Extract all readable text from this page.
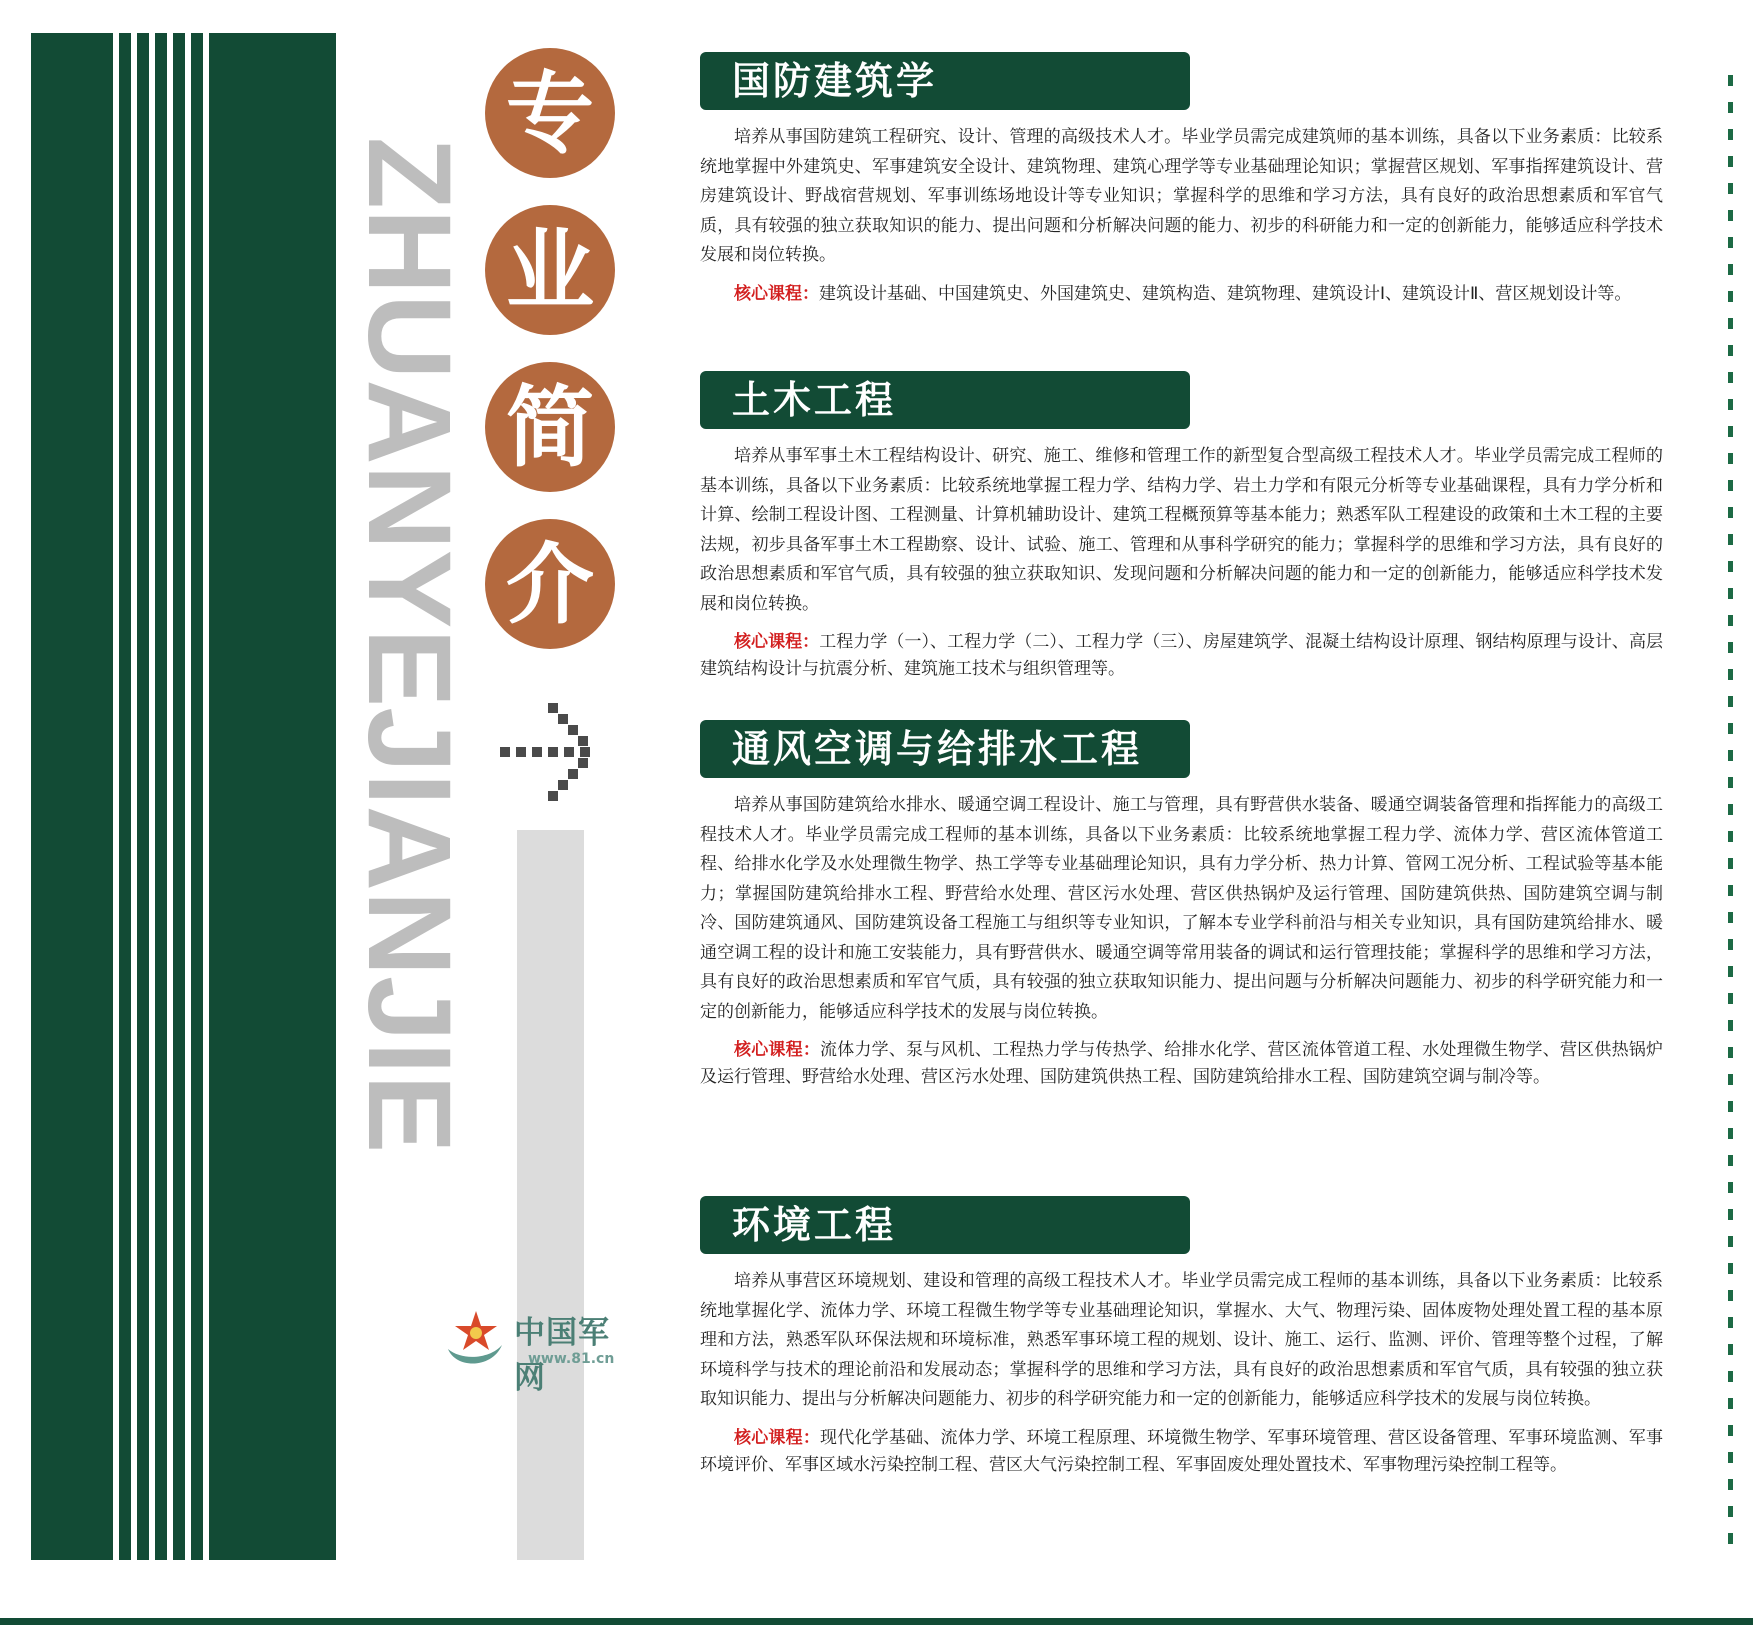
ZHUANYEJIANJIE
专
业
简
介
中国军网
www.81.cn
国防建筑学
培养从事国防建筑工程研究、设计、管理的高级技术人才。毕业学员需完成建筑师的基本训练，具备以下业务素质：比较系统地掌握中外建筑史、军事建筑安全设计、建筑物理、建筑心理学等专业基础理论知识；掌握营区规划、军事指挥建筑设计、营房建筑设计、野战宿营规划、军事训练场地设计等专业知识；掌握科学的思维和学习方法，具有良好的政治思想素质和军官气质，具有较强的独立获取知识的能力、提出问题和分析解决问题的能力、初步的科研能力和一定的创新能力，能够适应科学技术发展和岗位转换。
核心课程：建筑设计基础、中国建筑史、外国建筑史、建筑构造、建筑物理、建筑设计Ⅰ、建筑设计Ⅱ、营区规划设计等。
土木工程
培养从事军事土木工程结构设计、研究、施工、维修和管理工作的新型复合型高级工程技术人才。毕业学员需完成工程师的基本训练，具备以下业务素质：比较系统地掌握工程力学、结构力学、岩土力学和有限元分析等专业基础课程，具有力学分析和计算、绘制工程设计图、工程测量、计算机辅助设计、建筑工程概预算等基本能力；熟悉军队工程建设的政策和土木工程的主要法规，初步具备军事土木工程勘察、设计、试验、施工、管理和从事科学研究的能力；掌握科学的思维和学习方法，具有良好的政治思想素质和军官气质，具有较强的独立获取知识、发现问题和分析解决问题的能力和一定的创新能力，能够适应科学技术发展和岗位转换。
核心课程：工程力学（一）、工程力学（二）、工程力学（三）、房屋建筑学、混凝土结构设计原理、钢结构原理与设计、高层建筑结构设计与抗震分析、建筑施工技术与组织管理等。
通风空调与给排水工程
培养从事国防建筑给水排水、暖通空调工程设计、施工与管理，具有野营供水装备、暖通空调装备管理和指挥能力的高级工程技术人才。毕业学员需完成工程师的基本训练，具备以下业务素质：比较系统地掌握工程力学、流体力学、营区流体管道工程、给排水化学及水处理微生物学、热工学等专业基础理论知识，具有力学分析、热力计算、管网工况分析、工程试验等基本能力；掌握国防建筑给排水工程、野营给水处理、营区污水处理、营区供热锅炉及运行管理、国防建筑供热、国防建筑空调与制冷、国防建筑通风、国防建筑设备工程施工与组织等专业知识，了解本专业学科前沿与相关专业知识，具有国防建筑给排水、暖通空调工程的设计和施工安装能力，具有野营供水、暖通空调等常用装备的调试和运行管理技能；掌握科学的思维和学习方法，具有良好的政治思想素质和军官气质，具有较强的独立获取知识能力、提出问题与分析解决问题能力、初步的科学研究能力和一定的创新能力，能够适应科学技术的发展与岗位转换。
核心课程：流体力学、泵与风机、工程热力学与传热学、给排水化学、营区流体管道工程、水处理微生物学、营区供热锅炉及运行管理、野营给水处理、营区污水处理、国防建筑供热工程、国防建筑给排水工程、国防建筑空调与制冷等。
环境工程
培养从事营区环境规划、建设和管理的高级工程技术人才。毕业学员需完成工程师的基本训练，具备以下业务素质：比较系统地掌握化学、流体力学、环境工程微生物学等专业基础理论知识，掌握水、大气、物理污染、固体废物处理处置工程的基本原理和方法，熟悉军队环保法规和环境标准，熟悉军事环境工程的规划、设计、施工、运行、监测、评价、管理等整个过程，了解环境科学与技术的理论前沿和发展动态；掌握科学的思维和学习方法，具有良好的政治思想素质和军官气质，具有较强的独立获取知识能力、提出与分析解决问题能力、初步的科学研究能力和一定的创新能力，能够适应科学技术的发展与岗位转换。
核心课程：现代化学基础、流体力学、环境工程原理、环境微生物学、军事环境管理、营区设备管理、军事环境监测、军事环境评价、军事区域水污染控制工程、营区大气污染控制工程、军事固废处理处置技术、军事物理污染控制工程等。
